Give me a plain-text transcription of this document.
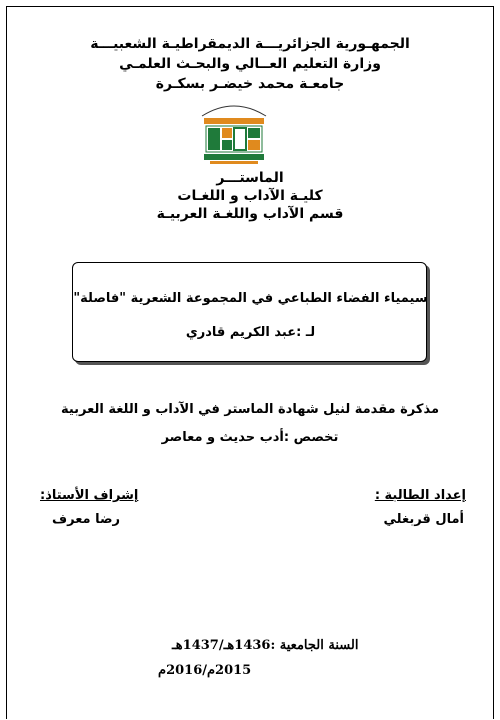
الجمهـورية الجزائريـــة الديمقراطيـة الشعبيـــة
وزارة التعليم العــالي والبحـث العلمـي
جامعـة محمد خيضـر بسكـرة
الماستـــر
كليـة الآداب و اللغـات
قسم الآداب واللغـة العربيـة
سيمياء الفضاء الطباعي في المجموعة الشعرية "فاصلة"
لـ :عبد الكريم قادري
مذكرة مقدمة لنيل شهادة الماستر في الآداب و اللغة العربية
تخصص :أدب حديث و معاصر
إعداد الطالبة :
أمال قربغلي
إشراف الأستاذ:
رضا معرف
السنة الجامعية :1436هـ/1437هـ
2015م/2016م
